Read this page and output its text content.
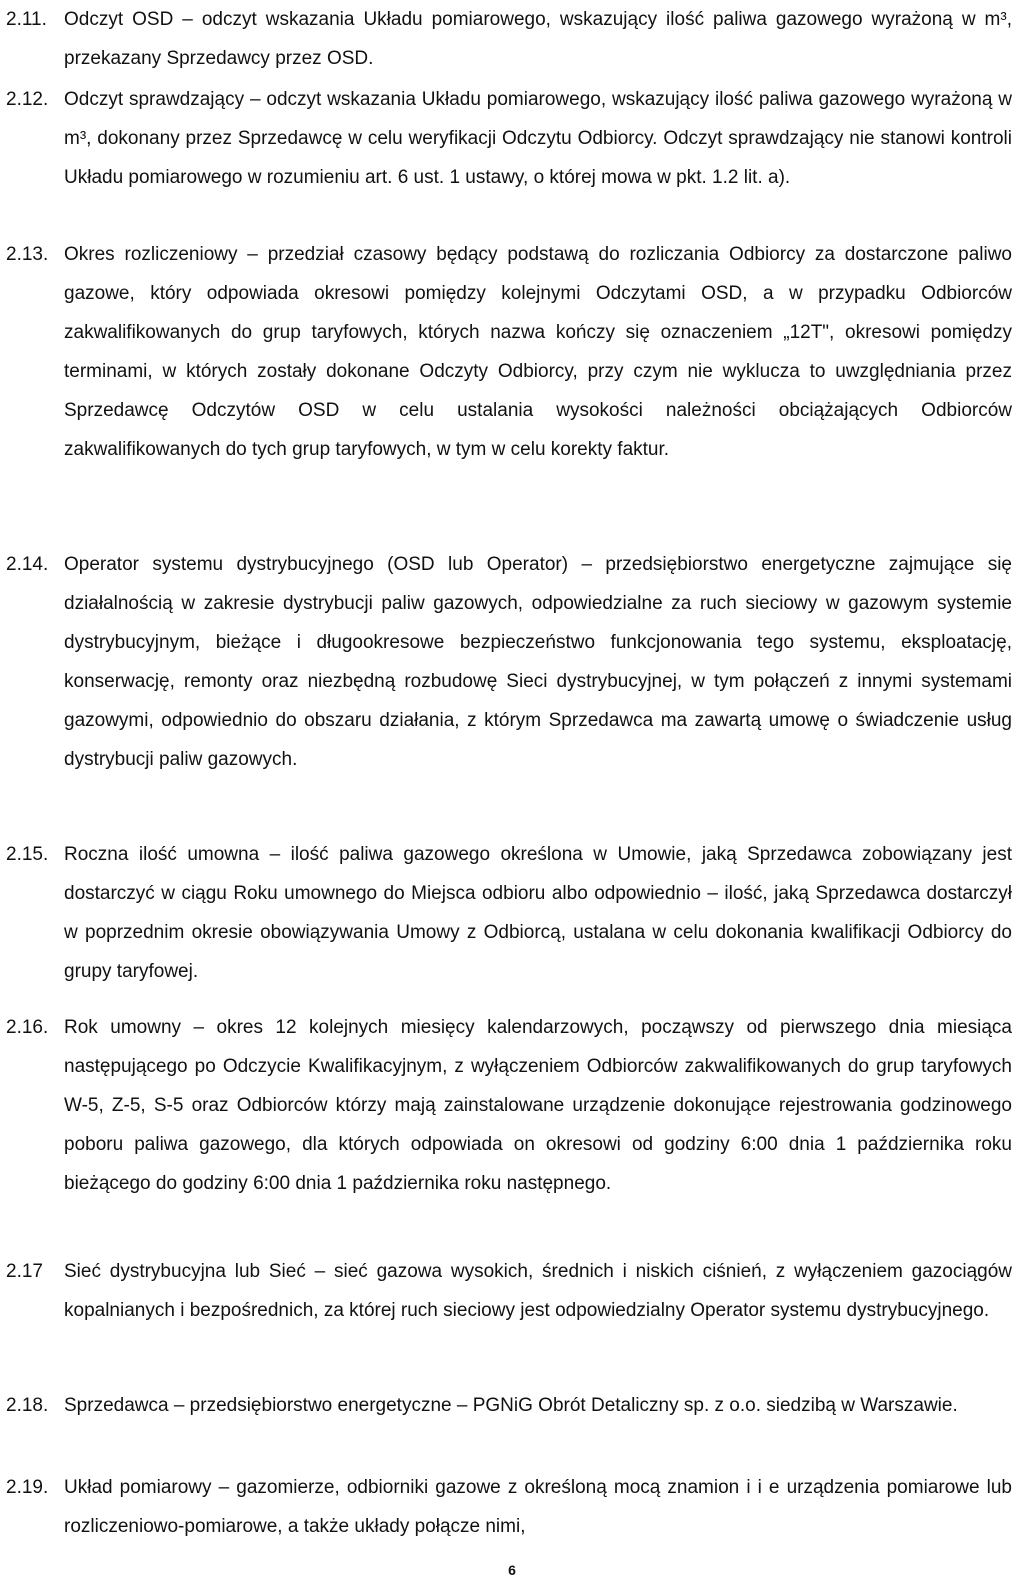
2.11. Odczyt OSD – odczyt wskazania Układu pomiarowego, wskazujący ilość paliwa gazowego wyrażoną w m³, przekazany Sprzedawcy przez OSD.
2.12. Odczyt sprawdzający – odczyt wskazania Układu pomiarowego, wskazujący ilość paliwa gazowego wyrażoną w m³, dokonany przez Sprzedawcę w celu weryfikacji Odczytu Odbiorcy. Odczyt sprawdzający nie stanowi kontroli Układu pomiarowego w rozumieniu art. 6 ust. 1 ustawy, o której mowa w pkt. 1.2 lit. a).
2.13. Okres rozliczeniowy – przedział czasowy będący podstawą do rozliczania Odbiorcy za dostarczone paliwo gazowe, który odpowiada okresowi pomiędzy kolejnymi Odczytami OSD, a w przypadku Odbiorców zakwalifikowanych do grup taryfowych, których nazwa kończy się oznaczeniem „12T", okresowi pomiędzy terminami, w których zostały dokonane Odczyty Odbiorcy, przy czym nie wyklucza to uwzględniania przez Sprzedawcę Odczytów OSD w celu ustalania wysokości należności obciążających Odbiorców zakwalifikowanych do tych grup taryfowych, w tym w celu korekty faktur.
2.14. Operator systemu dystrybucyjnego (OSD lub Operator) – przedsiębiorstwo energetyczne zajmujące się działalnością w zakresie dystrybucji paliw gazowych, odpowiedzialne za ruch sieciowy w gazowym systemie dystrybucyjnym, bieżące i długookresowe bezpieczeństwo funkcjonowania tego systemu, eksploatację, konserwację, remonty oraz niezbędną rozbudowę Sieci dystrybucyjnej, w tym połączeń z innymi systemami gazowymi, odpowiednio do obszaru działania, z którym Sprzedawca ma zawartą umowę o świadczenie usług dystrybucji paliw gazowych.
2.15. Roczna ilość umowna – ilość paliwa gazowego określona w Umowie, jaką Sprzedawca zobowiązany jest dostarczyć w ciągu Roku umownego do Miejsca odbioru albo odpowiednio – ilość, jaką Sprzedawca dostarczył w poprzednim okresie obowiązywania Umowy z Odbiorcą, ustalana w celu dokonania kwalifikacji Odbiorcy do grupy taryfowej.
2.16. Rok umowny – okres 12 kolejnych miesięcy kalendarzowych, począwszy od pierwszego dnia miesiąca następującego po Odczycie Kwalifikacyjnym, z wyłączeniem Odbiorców zakwalifikowanych do grup taryfowych W-5, Z-5, S-5 oraz Odbiorców którzy mają zainstalowane urządzenie dokonujące rejestrowania godzinowego poboru paliwa gazowego, dla których odpowiada on okresowi od godziny 6:00 dnia 1 października roku bieżącego do godziny 6:00 dnia 1 października roku następnego.
2.17	Sieć dystrybucyjna lub Sieć – sieć gazowa wysokich, średnich i niskich ciśnień, z wyłączeniem gazociągów kopalnianych i bezpośrednich, za której ruch sieciowy jest odpowiedzialny Operator systemu dystrybucyjnego.
2.18. Sprzedawca – przedsiębiorstwo energetyczne – PGNiG Obrót Detaliczny sp. z o.o. siedzibą w Warszawie.
2.19. Układ pomiarowy – gazomierze, odbiorniki gazowe z określoną mocą znamion i i e urządzenia pomiarowe lub rozliczeniowo-pomiarowe, a także układy połącze nimi,
6
